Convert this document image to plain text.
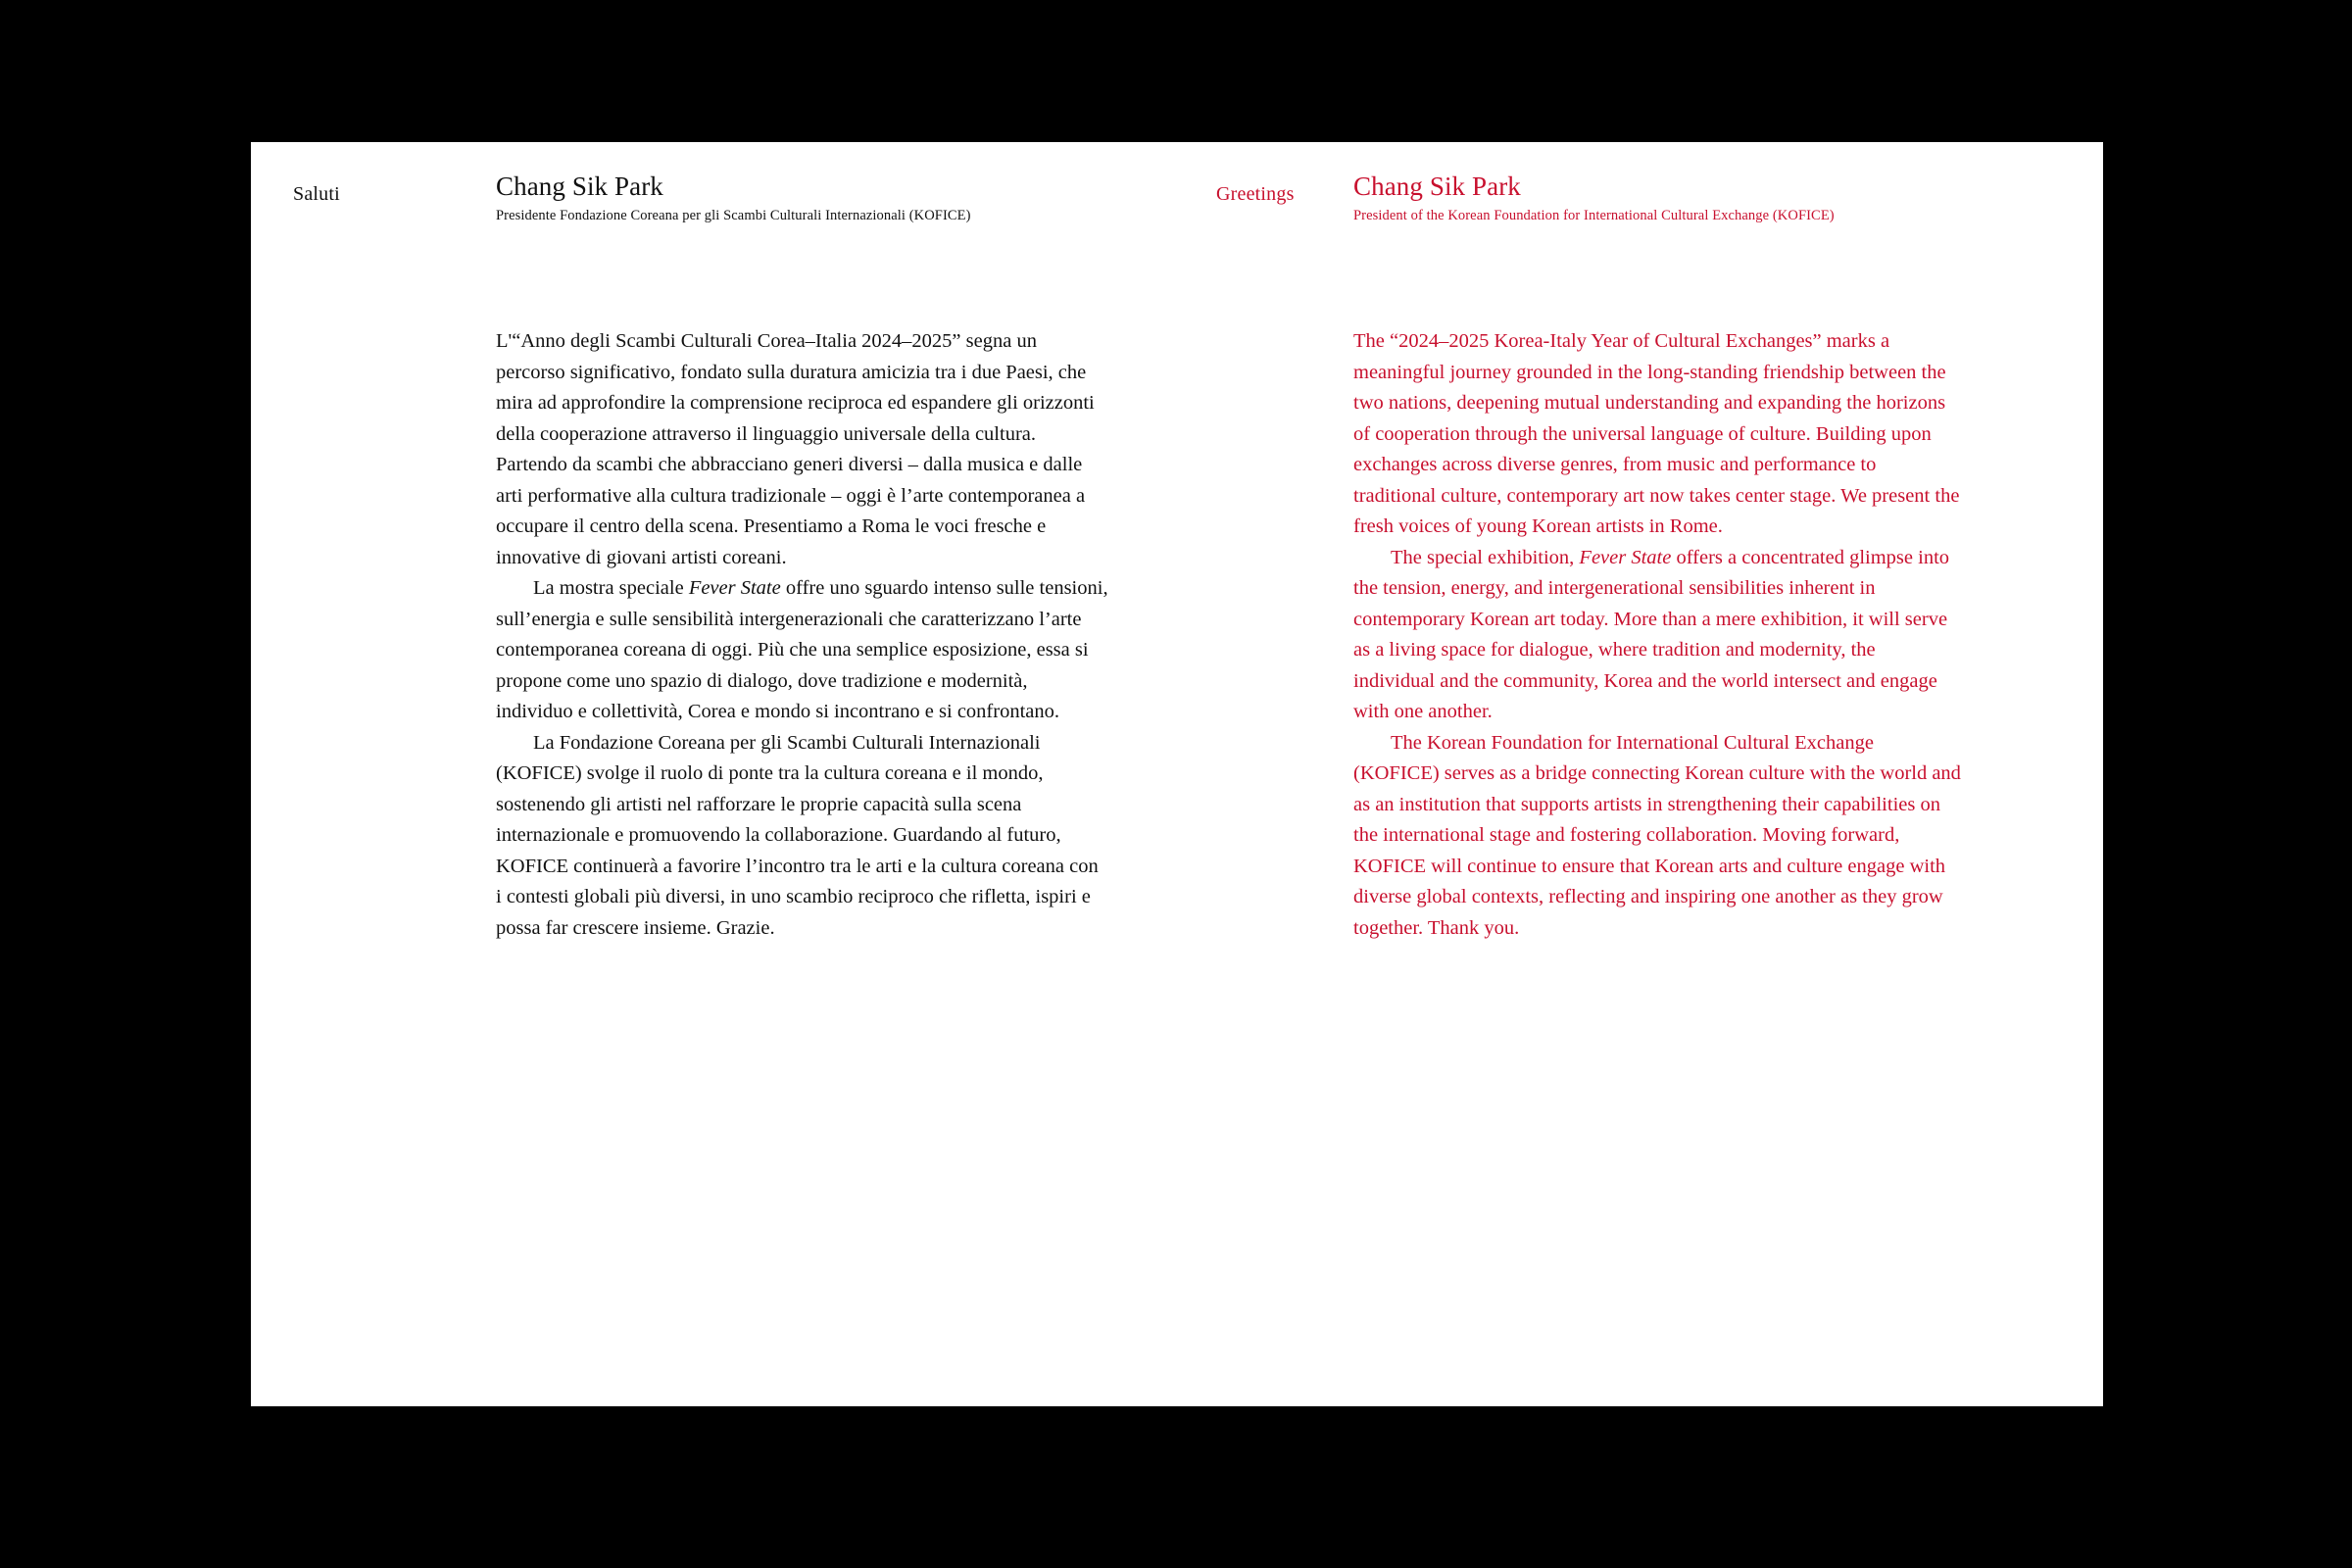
Saluti	Chang Sik Park

Presidente Fondazione Coreana per gli Scambi Culturali Internazionali (KOFICE)

L'“Anno degli Scambi Culturali Corea–Italia 2024–2025” segna un percorso significativo, fondato sulla duratura amicizia tra i due Paesi, che mira ad approfondire la comprensione reciproca ed espandere gli orizzonti della cooperazione attraverso il linguaggio universale della cultura. Partendo da scambi che abbracciano generi diversi – dalla musica e dalle arti performative alla cultura tradizionale – oggi è l’arte contemporanea a occupare il centro della scena. Presentiamo a Roma le voci fresche e innovative di giovani artisti coreani.

La mostra speciale Fever State offre uno sguardo intenso sulle tensioni, sull’energia e sulle sensibilità intergenerazionali che caratterizzano l’arte contemporanea coreana di oggi. Più che una semplice esposizione, essa si propone come uno spazio di dialogo, dove tradizione e modernità, individuo e collettività, Corea e mondo si incontrano e si confrontano.

La Fondazione Coreana per gli Scambi Culturali Internazionali (KOFICE) svolge il ruolo di ponte tra la cultura coreana e il mondo, sostenendo gli artisti nel rafforzare le proprie capacità sulla scena internazionale e promuovendo la collaborazione. Guardando al futuro, KOFICE continuerà a favorire l’incontro tra le arti e la cultura coreana con i contesti globali più diversi, in uno scambio reciproco che rifletta, ispiri e possa far crescere insieme. Grazie.

Greetings Chang Sik Park

President of the Korean Foundation for International Cultural Exchange (KOFICE)

The “2024–2025 Korea-Italy Year of Cultural Exchanges” marks a meaningful journey grounded in the long-standing friendship between the two nations, deepening mutual understanding and expanding the horizons of cooperation through the universal language of culture. Building upon exchanges across diverse genres, from music and performance to traditional culture, contemporary art now takes center stage. We present the fresh voices of young Korean artists in Rome.

The special exhibition, Fever State offers a concentrated glimpse into the tension, energy, and intergenerational sensibilities inherent in contemporary Korean art today. More than a mere exhibition, it will serve as a living space for dialogue, where tradition and modernity, the individual and the community, Korea and the world intersect and engage with one another.

The Korean Foundation for International Cultural Exchange (KOFICE) serves as a bridge connecting Korean culture with the world and as an institution that supports artists in strengthening their capabilities on the international stage and fostering collaboration. Moving forward, KOFICE will continue to ensure that Korean arts and culture engage with diverse global contexts, reflecting and inspiring one another as they grow together. Thank you.
